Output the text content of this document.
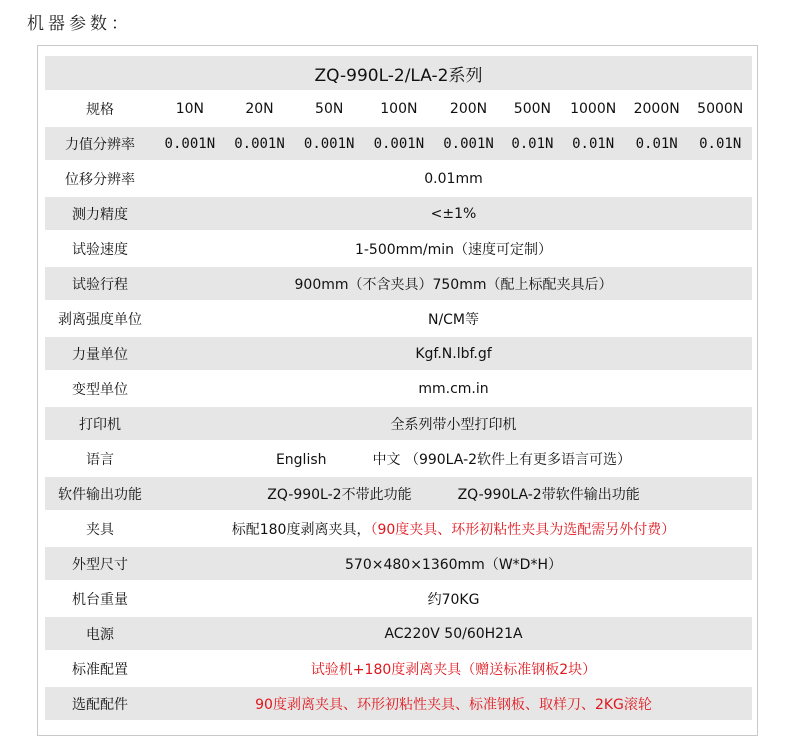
机器参数：
ZQ-990L-2/LA-2系列									
规格	10N	20N	50N	100N	200N	500N	1000N	2000N	5000N
力值分辨率	0.001N	0.001N	0.001N	0.001N	0.001N	0.01N	0.01N	0.01N	0.01N
位移分辨率	0.01mm								
测力精度	<±1%								
试验速度	1-500mm/min（速度可定制）								
试验行程	900mm（不含夹具）750mm（配上标配夹具后）								
剥离强度单位	N/CM等								
力量单位	Kgf.N.lbf.gf								
变型单位	mm.cm.in								
打印机	全系列带小型打印机								
语言	English 中文 （990LA-2软件上有更多语言可选）								
软件输出功能	ZQ-990L-2不带此功能 ZQ-990LA-2带软件输出功能								
夹具	标配180度剥离夹具，（90度夹具、环形初粘性夹具为选配需另外付费）								
外型尺寸	570×480×1360mm（W*D*H）								
机台重量	约70KG								
电源	AC220V 50/60H21A								
标准配置	试验机+180度剥离夹具（赠送标准钢板2块）								
选配配件	90度剥离夹具、环形初粘性夹具、标准钢板、取样刀、2KG滚轮								
